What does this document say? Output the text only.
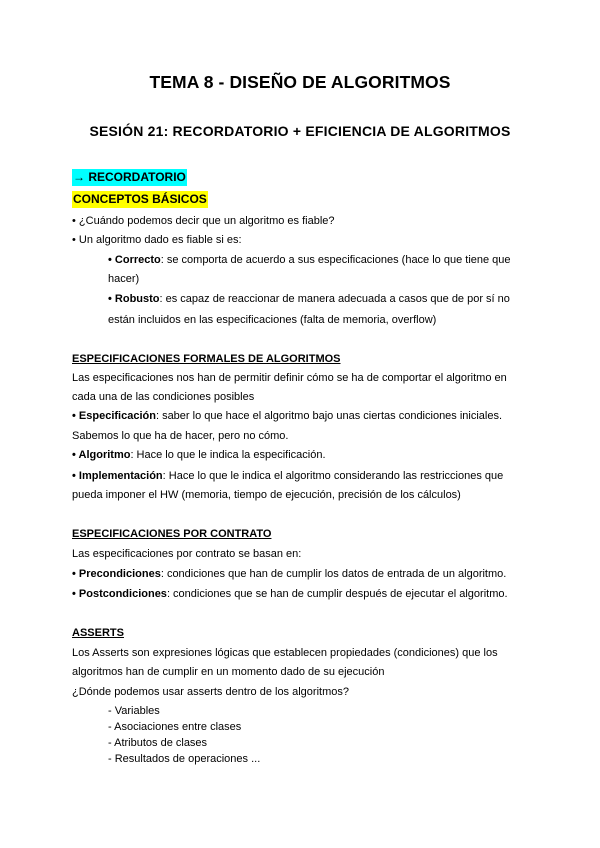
TEMA 8 - DISEÑO DE ALGORITMOS
SESIÓN 21: RECORDATORIO + EFICIENCIA DE ALGORITMOS
→ RECORDATORIO
CONCEPTOS BÁSICOS
• ¿Cuándo podemos decir que un algoritmo es fiable?
• Un algoritmo dado es fiable si es:
• Correcto: se comporta de acuerdo a sus especificaciones (hace lo que tiene que
hacer)
• Robusto: es capaz de reaccionar de manera adecuada a casos que de por sí no
están incluidos en las especificaciones (falta de memoria, overflow)
ESPECIFICACIONES FORMALES DE ALGORITMOS
Las especificaciones nos han de permitir definir cómo se ha de comportar el algoritmo en
cada una de las condiciones posibles
• Especificación: saber lo que hace el algoritmo bajo unas ciertas condiciones iniciales.
Sabemos lo que ha de hacer, pero no cómo.
• Algoritmo: Hace lo que le indica la especificación.
• Implementación: Hace lo que le indica el algoritmo considerando las restricciones que
pueda imponer el HW (memoria, tiempo de ejecución, precisión de los cálculos)
ESPECIFICACIONES POR CONTRATO
Las especificaciones por contrato se basan en:
• Precondiciones: condiciones que han de cumplir los datos de entrada de un algoritmo.
• Postcondiciones: condiciones que se han de cumplir después de ejecutar el algoritmo.
ASSERTS
Los Asserts son expresiones lógicas que establecen propiedades (condiciones) que los
algoritmos han de cumplir en un momento dado de su ejecución
¿Dónde podemos usar asserts dentro de los algoritmos?
- Variables
- Asociaciones entre clases
- Atributos de clases
- Resultados de operaciones ...
